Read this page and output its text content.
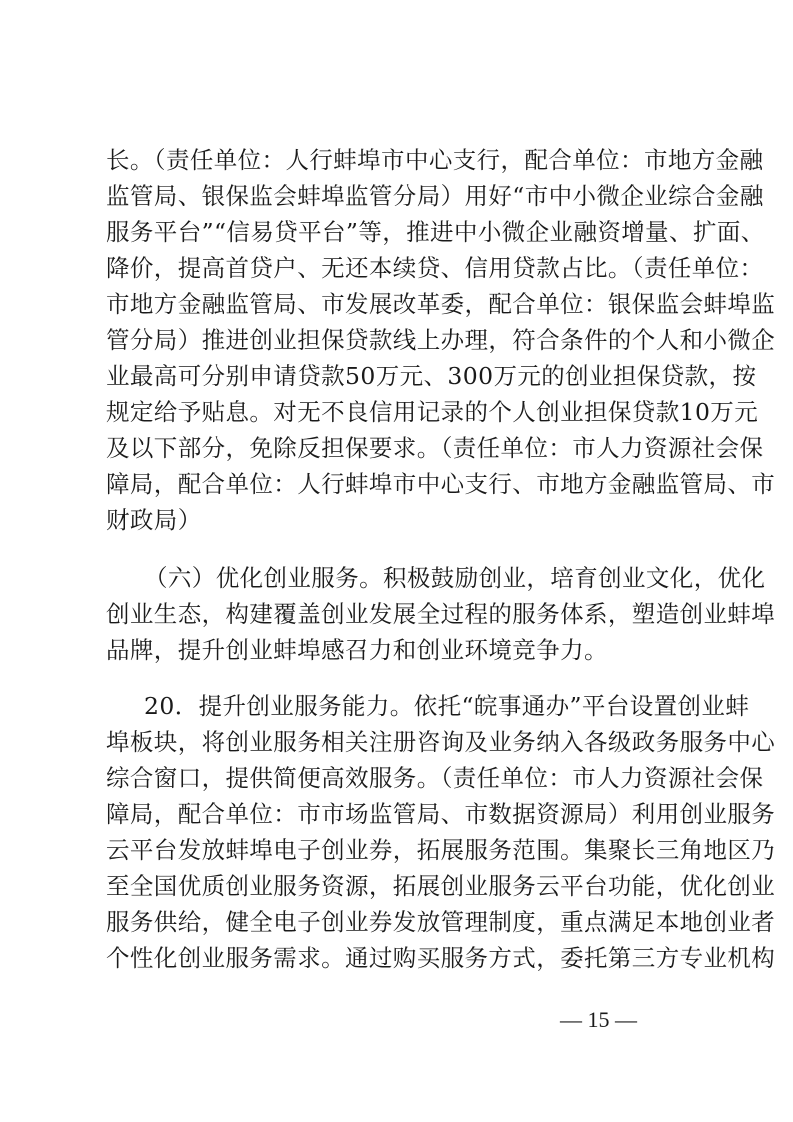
长。（责任单位：人行蚌埠市中心支行，配合单位：市地方金融
监管局、银保监会蚌埠监管分局）用好“市中小微企业综合金融
服务平台”“信易贷平台”等，推进中小微企业融资增量、扩面、
降价，提高首贷户、无还本续贷、信用贷款占比。（责任单位：
市地方金融监管局、市发展改革委，配合单位：银保监会蚌埠监
管分局）推进创业担保贷款线上办理，符合条件的个人和小微企
业最高可分别申请贷款50万元、300万元的创业担保贷款，按
规定给予贴息。对无不良信用记录的个人创业担保贷款10万元
及以下部分，免除反担保要求。（责任单位：市人力资源社会保
障局，配合单位：人行蚌埠市中心支行、市地方金融监管局、市
财政局）
（六）优化创业服务。积极鼓励创业，培育创业文化，优化
创业生态，构建覆盖创业发展全过程的服务体系，塑造创业蚌埠
品牌，提升创业蚌埠感召力和创业环境竞争力。
20．提升创业服务能力。依托“皖事通办”平台设置创业蚌
埠板块，将创业服务相关注册咨询及业务纳入各级政务服务中心
综合窗口，提供简便高效服务。（责任单位：市人力资源社会保
障局，配合单位：市市场监管局、市数据资源局）利用创业服务
云平台发放蚌埠电子创业券，拓展服务范围。集聚长三角地区乃
至全国优质创业服务资源，拓展创业服务云平台功能，优化创业
服务供给，健全电子创业券发放管理制度，重点满足本地创业者
个性化创业服务需求。通过购买服务方式，委托第三方专业机构
— 15 —
